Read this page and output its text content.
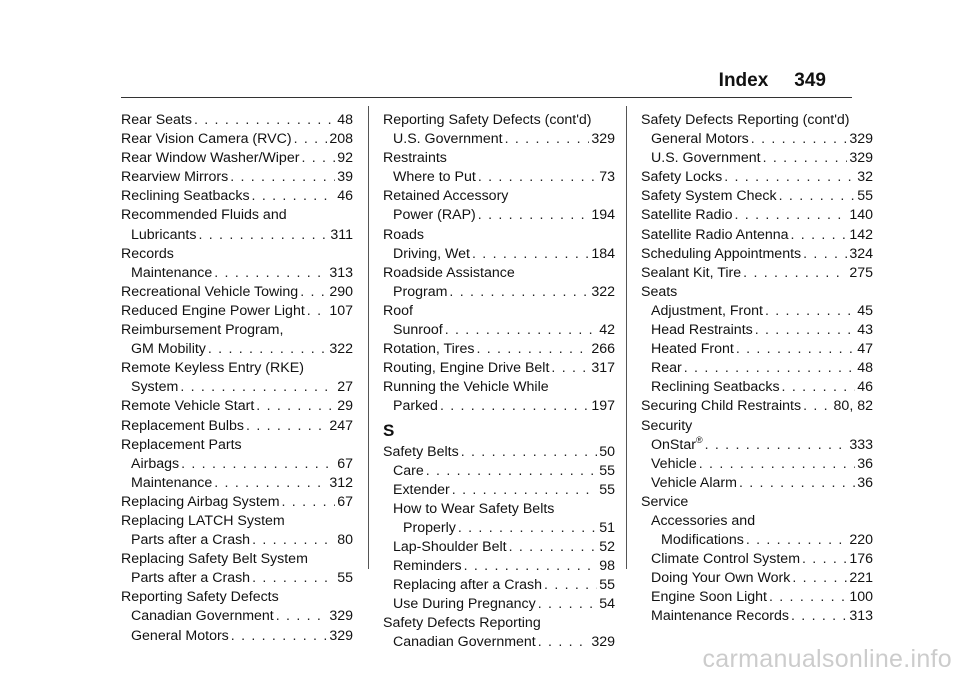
Index 349
Rear Seats . . .	48
Rear Vision Camera (RVC) . . .	208
Rear Window Washer/Wiper . . .	92
Rearview Mirrors . . .	39
Reclining Seatbacks . . .	46
Recommended Fluids and
Lubricants . . .	311
Records
Maintenance . . .	313
Recreational Vehicle Towing . . . 290
Reduced Engine Power Light . . . 107
Reimbursement Program,
GM Mobility . . .	322
Remote Keyless Entry (RKE)
System . . .	27
Remote Vehicle Start . . .	29
Replacement Bulbs . . .	247
Replacement Parts
Airbags . . .	67
Maintenance . . .	312
Replacing Airbag System . . .	67
Replacing LATCH System
Parts after a Crash . . .	80
Replacing Safety Belt System
Parts after a Crash . . .	55
Reporting Safety Defects
Canadian Government . . .	329
General Motors . . .	329
Reporting Safety Defects (cont'd)
U.S. Government . . .	329
Restraints
Where to Put . . .	73
Retained Accessory
Power (RAP) . . .	194
Roads
Driving, Wet . . .	184
Roadside Assistance
Program . . .	322
Roof
Sunroof . . .	42
Rotation, Tires . . .	266
Routing, Engine Drive Belt . . .	317
Running the Vehicle While
Parked . . .	197
S
Safety Belts . . .	50
Care . . .	55
Extender . . .	55
How to Wear Safety Belts
Properly . . .	51
Lap-Shoulder Belt . . .	52
Reminders . . .	98
Replacing after a Crash . . .	55
Use During Pregnancy . . .	54
Safety Defects Reporting
Canadian Government . . .	329
Safety Defects Reporting (cont'd)
General Motors . . .	329
U.S. Government . . .	329
Safety Locks . . .	32
Safety System Check . . .	55
Satellite Radio . . .	140
Satellite Radio Antenna . . .	142
Scheduling Appointments . . .	324
Sealant Kit, Tire . . .	275
Seats
Adjustment, Front . . .	45
Head Restraints . . .	43
Heated Front . . .	47
Rear . . .	48
Reclining Seatbacks . . .	46
Securing Child Restraints . . . 80, 82
Security
OnStar® . . .	333
Vehicle . . .	36
Vehicle Alarm . . .	36
Service
Accessories and
Modifications . . .	220
Climate Control System . . .	176
Doing Your Own Work . . .	221
Engine Soon Light . . .	100
Maintenance Records . . .	313
carmanualsonline.info
